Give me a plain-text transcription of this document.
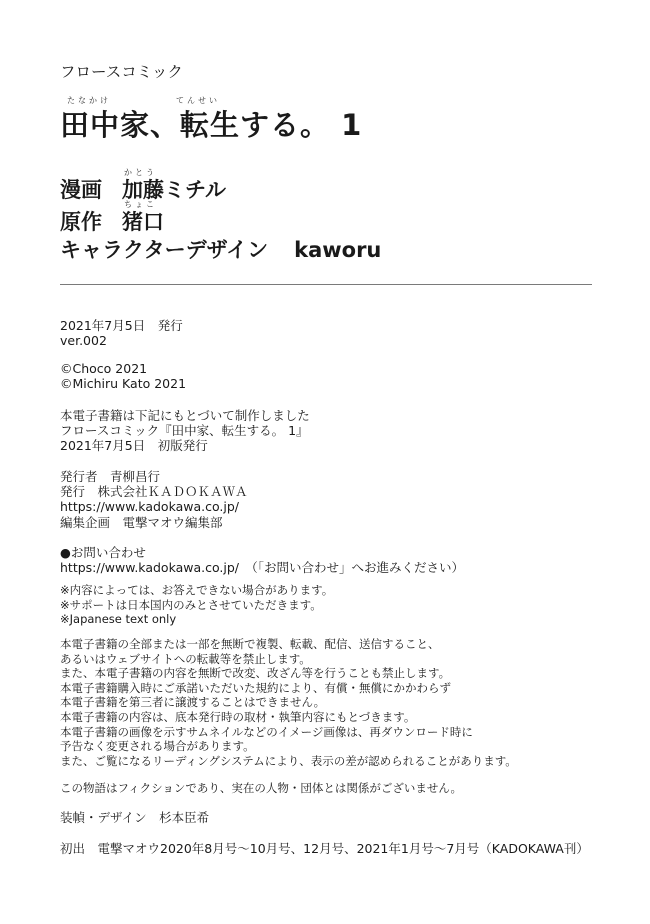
フロースコミック
たなかけ	てんせい
田中家、転生する。 1
漫画
かとう
加藤ミチル
原作
ちょこ
猪口
キャラクターデザイン kaworu
2021年7月5日　発行
ver.002
©Choco 2021
©Michiru Kato 2021
本電子書籍は下記にもとづいて制作しました
フロースコミック『田中家、転生する。 1』
2021年7月5日　初版発行
発行者　青柳昌行
発行　株式会社ＫＡＤＯＫＡＷＡ
https://www.kadokawa.co.jp/
編集企画　電撃マオウ編集部
●お問い合わせ
https://www.kadokawa.co.jp/　（「お問い合わせ」へお進みください）
※内容によっては、お答えできない場合があります。
※サポートは日本国内のみとさせていただきます。
※Japanese text only
本電子書籍の全部または一部を無断で複製、転載、配信、送信すること、
あるいはウェブサイトへの転載等を禁止します。
また、本電子書籍の内容を無断で改変、改ざん等を行うことも禁止します。
本電子書籍購入時にご承諾いただいた規約により、有償・無償にかかわらず
本電子書籍を第三者に譲渡することはできません。
本電子書籍の内容は、底本発行時の取材・執筆内容にもとづきます。
本電子書籍の画像を示すサムネイルなどのイメージ画像は、再ダウンロード時に
予告なく変更される場合があります。
また、ご覧になるリーディングシステムにより、表示の差が認められることがあります。
この物語はフィクションであり、実在の人物・団体とは関係がございません。
装幀・デザイン　杉本臣希
初出　電撃マオウ2020年8月号～10月号、12月号、2021年1月号～7月号（KADOKAWA刊）
